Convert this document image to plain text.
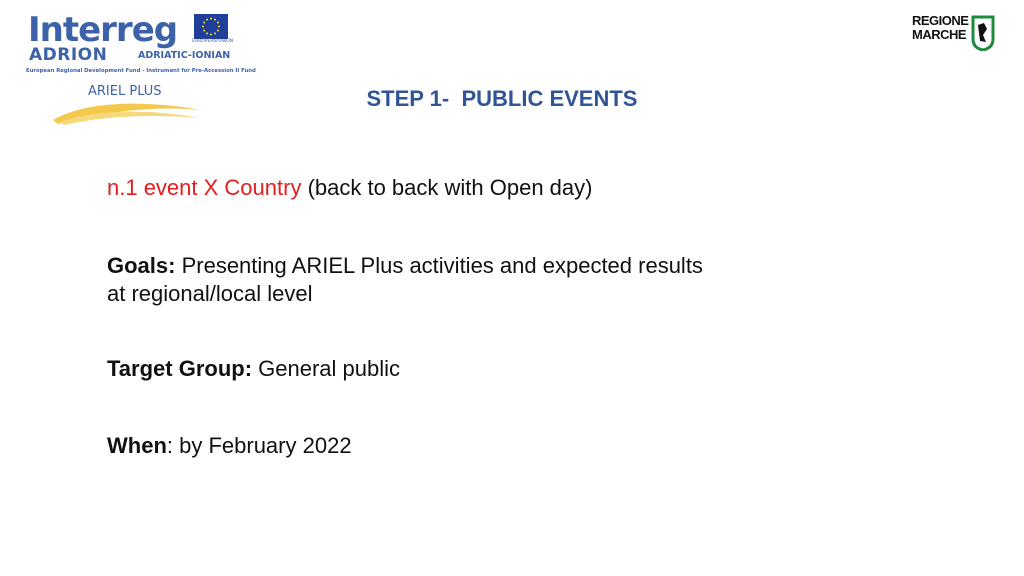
Interreg
ADRION	ADRIATIC-IONIAN
EUROPEAN UNION
European Regional Development Fund - Instrument for Pre-Accession II Fund
ARIEL PLUS
REGIONE
MARCHE
STEP 1-  PUBLIC EVENTS
n.1 event X Country (back to back with Open day)
Goals: Presenting ARIEL Plus activities and expected results
at regional/local level
Target Group: General public
When: by February 2022
